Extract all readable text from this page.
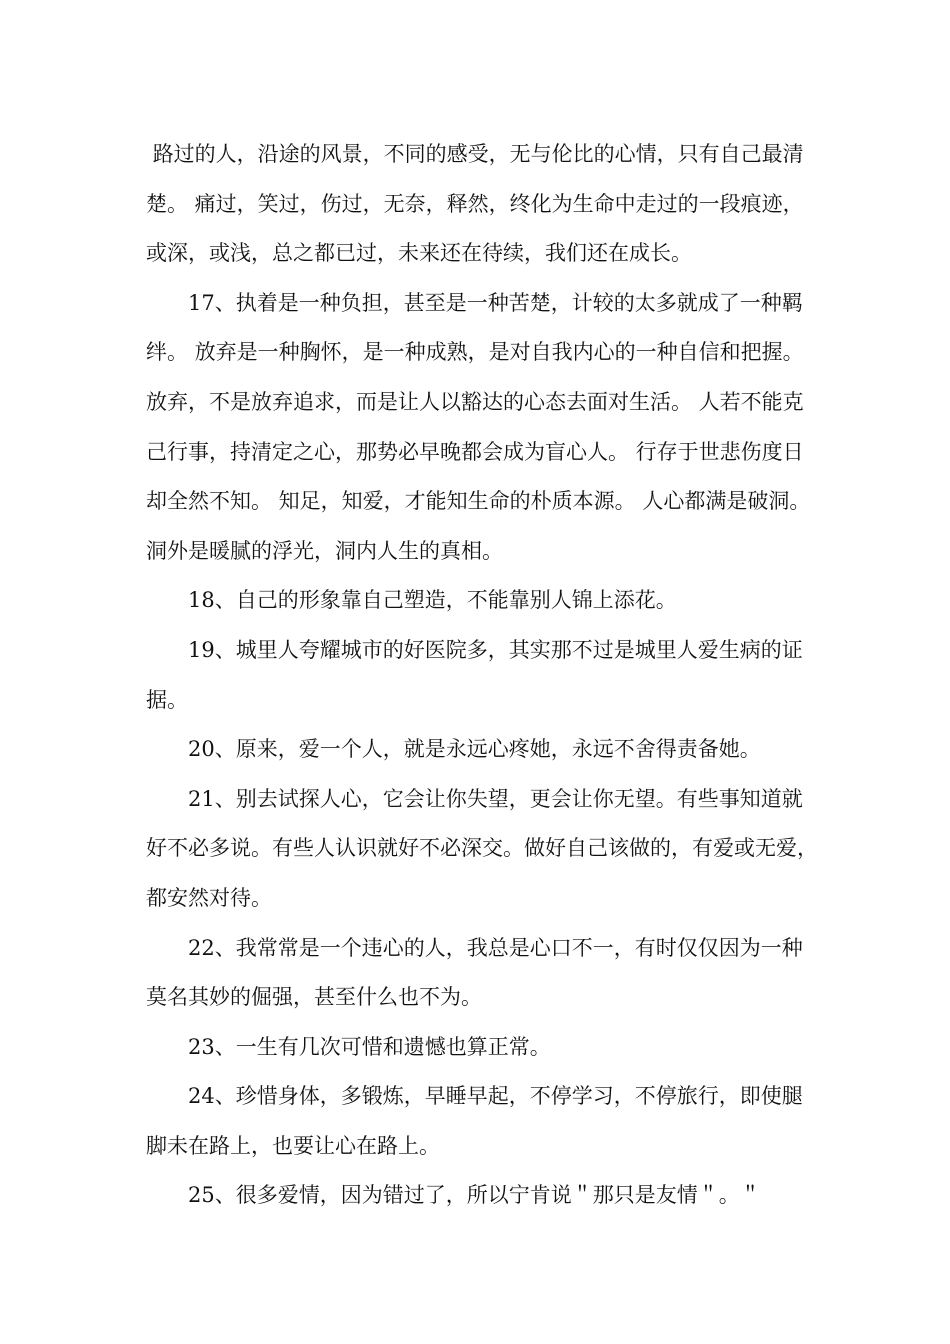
路过的人，沿途的风景，不同的感受，无与伦比的心情，只有自己最清楚。 痛过，笑过，伤过，无奈，释然，终化为生命中走过的一段痕迹，或深，或浅，总之都已过，未来还在待续，我们还在成长。

17、执着是一种负担，甚至是一种苦楚，计较的太多就成了一种羁绊。 放弃是一种胸怀，是一种成熟，是对自我内心的一种自信和把握。 放弃，不是放弃追求，而是让人以豁达的心态去面对生活。 人若不能克己行事，持清定之心，那势必早晚都会成为盲心人。 行存于世悲伤度日却全然不知。 知足，知爱，才能知生命的朴质本源。 人心都满是破洞。 洞外是暖腻的浮光，洞内人生的真相。

18、自己的形象靠自己塑造，不能靠别人锦上添花。

19、城里人夸耀城市的好医院多，其实那不过是城里人爱生病的证据。

20、原来，爱一个人，就是永远心疼她，永远不舍得责备她。

21、别去试探人心，它会让你失望，更会让你无望。有些事知道就好不必多说。有些人认识就好不必深交。做好自己该做的，有爱或无爱，都安然对待。

22、我常常是一个违心的人，我总是心口不一，有时仅仅因为一种莫名其妙的倔强，甚至什么也不为。

23、一生有几次可惜和遗憾也算正常。

24、珍惜身体，多锻炼，早睡早起，不停学习，不停旅行，即使腿脚未在路上，也要让心在路上。

25、很多爱情，因为错过了，所以宁肯说＂那只是友情＂。＂
